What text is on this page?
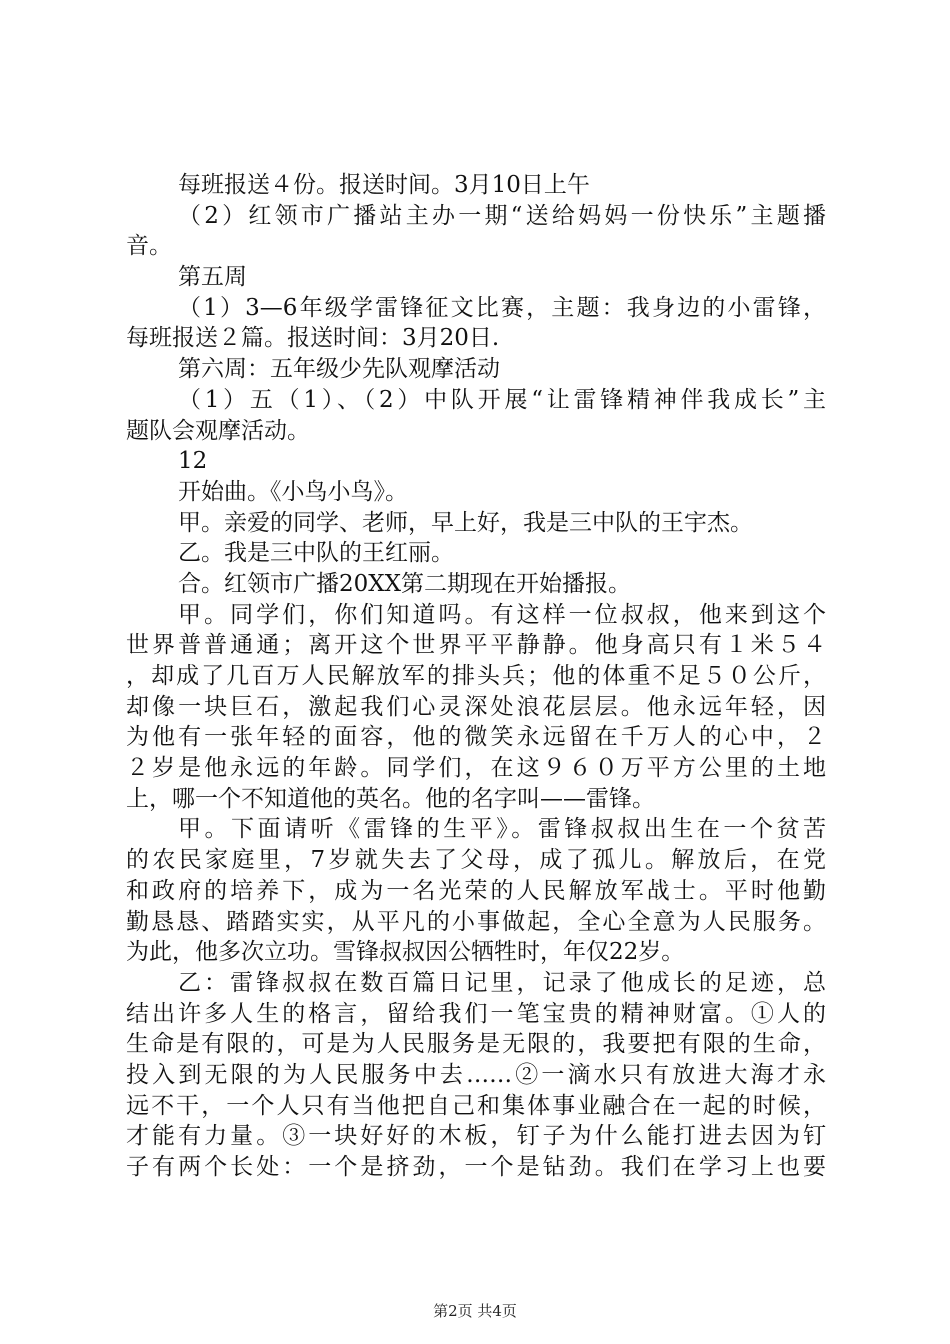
每班报送４份。报送时间。3月10日上午
（2）红领市广播站主办一期“送给妈妈一份快乐”主题播
音。
第五周
（1）3—6年级学雷锋征文比赛，主题：我身边的小雷锋，
每班报送２篇。报送时间：3月20日.
第六周：五年级少先队观摩活动
（1）五（1）、（2）中队开展“让雷锋精神伴我成长”主
题队会观摩活动。
12
开始曲。《小鸟小鸟》。
甲。亲爱的同学、老师，早上好，我是三中队的王宇杰。
乙。我是三中队的王红丽。
合。红领市广播20XX第二期现在开始播报。
甲。同学们，你们知道吗。有这样一位叔叔，他来到这个
世界普普通通；离开这个世界平平静静。他身高只有１米５４
，却成了几百万人民解放军的排头兵；他的体重不足５０公斤，
却像一块巨石，激起我们心灵深处浪花层层。他永远年轻，因
为他有一张年轻的面容，他的微笑永远留在千万人的心中，２
２岁是他永远的年龄。同学们，在这９６０万平方公里的土地
上，哪一个不知道他的英名。他的名字叫——雷锋。
甲。下面请听《雷锋的生平》。雷锋叔叔出生在一个贫苦
的农民家庭里，7岁就失去了父母，成了孤儿。解放后，在党
和政府的培养下，成为一名光荣的人民解放军战士。平时他勤
勤恳恳、踏踏实实，从平凡的小事做起，全心全意为人民服务。
为此，他多次立功。雪锋叔叔因公牺牲时，年仅22岁。
乙：雷锋叔叔在数百篇日记里，记录了他成长的足迹，总
结出许多人生的格言，留给我们一笔宝贵的精神财富。①人的
生命是有限的，可是为人民服务是无限的，我要把有限的生命，
投入到无限的为人民服务中去……②一滴水只有放进大海才永
远不干，一个人只有当他把自己和集体事业融合在一起的时候，
才能有力量。③一块好好的木板，钉子为什么能打进去因为钉
子有两个长处：一个是挤劲，一个是钻劲。我们在学习上也要
第2页 共4页
